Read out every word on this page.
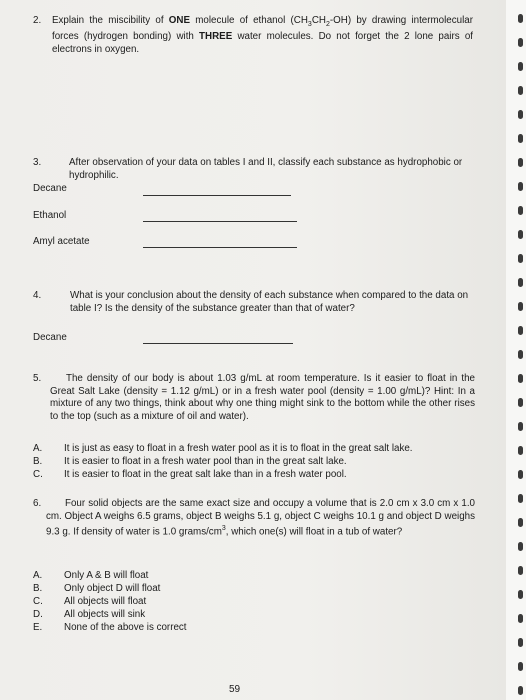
2. Explain the miscibility of ONE molecule of ethanol $(CH_3CH_2-OH)$ by drawing intermolecular forces (hydrogen bonding) with THREE water molecules. Do not forget the 2 lone pairs of electrons in oxygen.
3.	After observation of your data on tables I and II, classify each substance as hydrophobic or hydrophilic.
Decane
Ethanol
Amyl acetate
4.	What is your conclusion about the density of each substance when compared to the data on table I? Is the density of the substance greater than that of water?
Decane
5.	The density of our body is about 1.03 g/mL at room temperature. Is it easier to float in the Great Salt Lake (density = 1.12 g/mL) or in a fresh water pool (density = 1.00 g/mL)? Hint: In a mixture of any two things, think about why one thing might sink to the bottom while the other rises to the top (such as a mixture of oil and water).
A. It is just as easy to float in a fresh water pool as it is to float in the great salt lake.
B. It is easier to float in a fresh water pool than in the great salt lake.
C. It is easier to float in the great salt lake than in a fresh water pool.
6.	Four solid objects are the same exact size and occupy a volume that is 2.0 cm x 3.0 cm x 1.0 cm. Object A weighs 6.5 grams, object B weighs 5.1 g, object C weighs 10.1 g and object D weighs 9.3 g. If density of water is 1.0 grams/$cm^3$, which one(s) will float in a tub of water?
A. Only A & B will float
B. Only object D will float
C. All objects will float
D. All objects will sink
E. None of the above is correct
59
